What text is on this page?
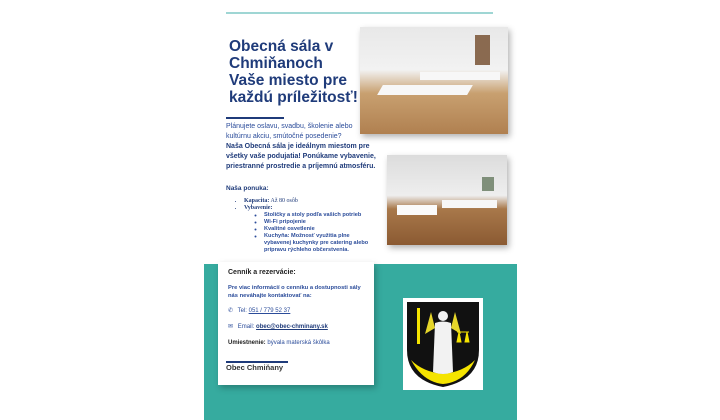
Obecná sála v
Chmiňanoch
Vaše miesto pre
každú príležitosť!
Plánujete oslavu, svadbu, školenie alebo kultúrnu akciu, smútočné posedenie?
Naša Obecná sála je ideálnym miestom pre všetky vaše podujatia! Ponúkame vybavenie, priestranné prostredie a príjemnú atmosféru.
Naša ponuka:
• Kapacita: Až 80 osôb
• Vybavenie:
◦ Stoličky a stoly podľa vašich potrieb
◦ Wi-Fi pripojenie
◦ Kvalitné osvetlenie
◦ Kuchyňa: Možnosť využitia plne vybavenej kuchynky pre catering alebo prípravu rýchleho občerstvenia.
Cenník a rezervácie:
Pre viac informácií o cenníku a dostupnosti sály nás neváhajte kontaktovať na:
✆ Tel: 051 / 779 52 37
✉ Email: obec@obec-chminany.sk
Umiestnenie: bývala materská škôlka
Obec Chmiňany
